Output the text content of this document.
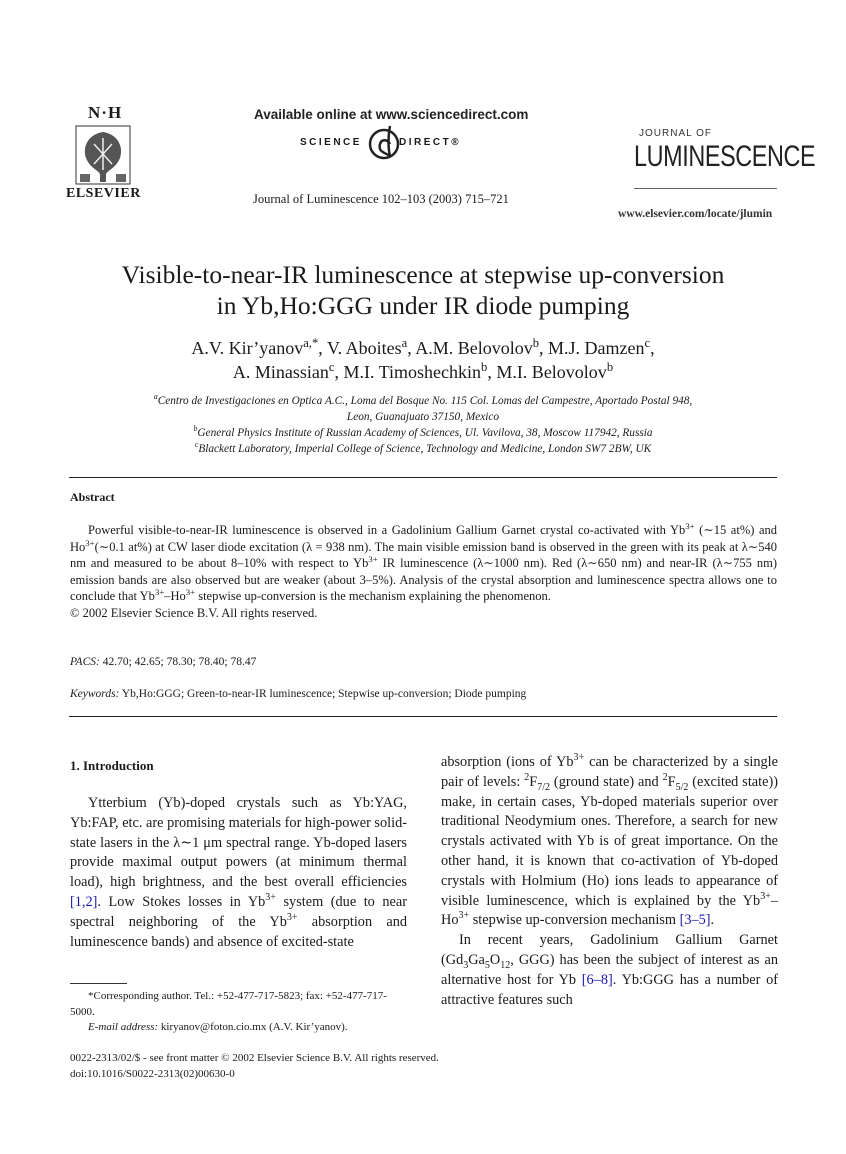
N·H
ELSEVIER
Available online at www.sciencedirect.com
SCIENCE	DIRECT®
Journal of Luminescence 102–103 (2003) 715–721
JOURNAL OF
LUMINESCENCE
www.elsevier.com/locate/jlumin
Visible-to-near-IR luminescence at stepwise up-conversion
in Yb,Ho:GGG under IR diode pumping
A.V. Kir’yanov$^{a,*}$, V. Aboites$^a$, A.M. Belovolov$^b$, M.J. Damzen$^c$,
A. Minassian$^c$, M.I. Timoshechkin$^b$, M.I. Belovolov$^b$
$^a$Centro de Investigaciones en Optica A.C., Loma del Bosque No. 115 Col. Lomas del Campestre, Aportado Postal 948,
Leon, Guanajuato 37150, Mexico
$^b$General Physics Institute of Russian Academy of Sciences, Ul. Vavilova, 38, Moscow 117942, Russia
$^c$Blackett Laboratory, Imperial College of Science, Technology and Medicine, London SW7 2BW, UK
Abstract
Powerful visible-to-near-IR luminescence is observed in a Gadolinium Gallium Garnet crystal co-activated with $Yb^{3+}$ (∼15 at%) and $Ho^{3+}(\sim 0.1$ at%) at CW laser diode excitation (λ = 938 nm). The main visible emission band is observed in the green with its peak at λ∼540 nm and measured to be about 8–10% with respect to $Yb^{3+}$ IR luminescence (λ∼1000 nm). Red (λ∼650 nm) and near-IR (λ∼755 nm) emission bands are also observed but are weaker (about 3–5%). Analysis of the crystal absorption and luminescence spectra allows one to conclude that $Yb^{3+}-Ho^{3+}$ stepwise up-conversion is the mechanism explaining the phenomenon.
© 2002 Elsevier Science B.V. All rights reserved.
PACS: 42.70; 42.65; 78.30; 78.40; 78.47
Keywords: Yb,Ho:GGG; Green-to-near-IR luminescence; Stepwise up-conversion; Diode pumping
1. Introduction
Ytterbium (Yb)-doped crystals such as Yb:YAG, Yb:FAP, etc. are promising materials for high-power solid-state lasers in the λ∼1 μm spectral range. Yb-doped lasers provide maximal output powers (at minimum thermal load), high brightness, and the best overall efficiencies [1,2]. Low Stokes losses in $Yb^{3+}$ system (due to near spectral neighboring of the $Yb^{3+}$ absorption and luminescence bands) and absence of excited-state
*Corresponding author. Tel.: +52-477-717-5823; fax: +52-477-717-5000.
E-mail address: kiryanov@foton.cio.mx (A.V. Kir’yanov).
absorption (ions of $Yb^{3+}$ can be characterized by a single pair of levels: $^2F_{7/2}$ (ground state) and $^2F_{5/2}$ (excited state)) make, in certain cases, Yb-doped materials superior over traditional Neodymium ones. Therefore, a search for new crystals activated with Yb is of great importance. On the other hand, it is known that co-activation of Yb-doped crystals with Holmium (Ho) ions leads to appearance of visible luminescence, which is explained by the $Yb^{3+}-Ho^{3+}$ stepwise up-conversion mechanism [3–5].
In recent years, Gadolinium Gallium Garnet ($Gd_3Ga_5O_{12}$, GGG) has been the subject of interest as an alternative host for Yb [6–8]. Yb:GGG has a number of attractive features such
0022-2313/02/$ - see front matter © 2002 Elsevier Science B.V. All rights reserved.
doi:10.1016/S0022-2313(02)00630-0
